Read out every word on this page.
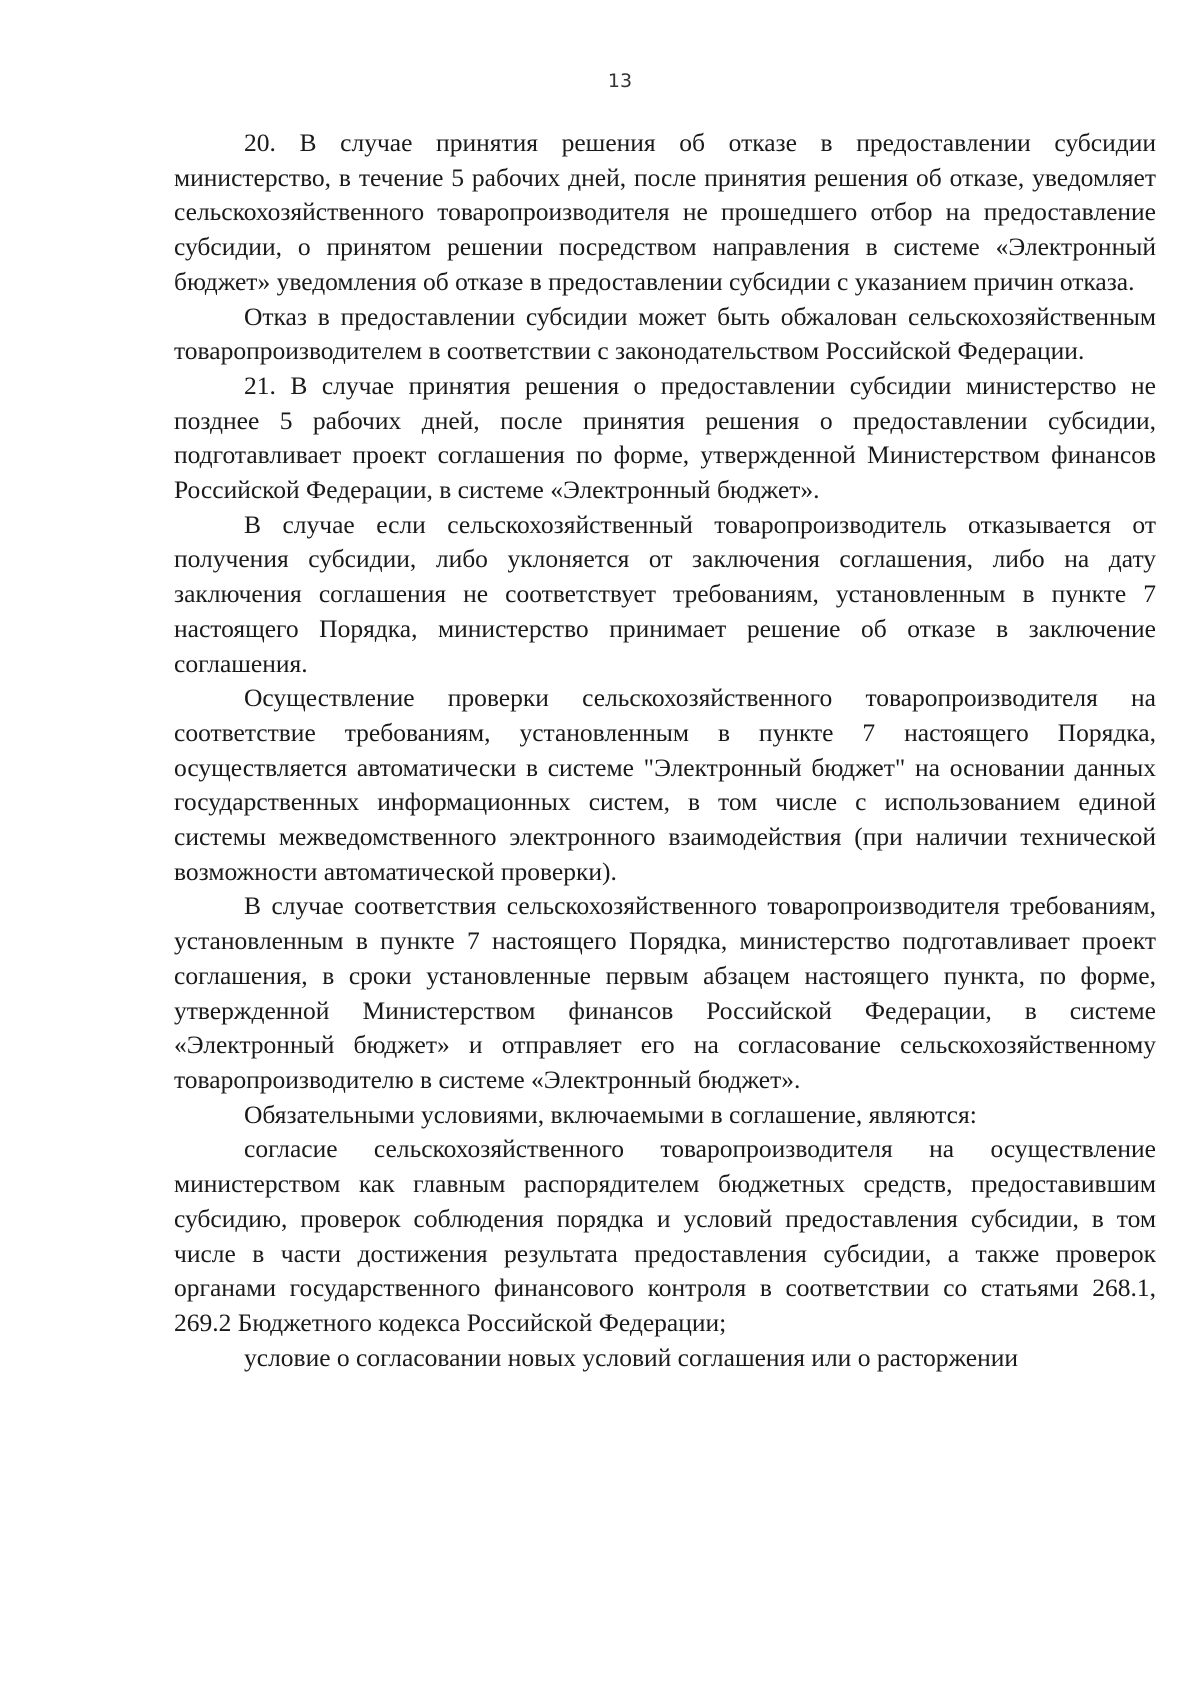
13

20. В случае принятия решения об отказе в предоставлении субсидии министерство, в течение 5 рабочих дней, после принятия решения об отказе, уведомляет сельскохозяйственного товаропроизводителя не прошедшего отбор на предоставление субсидии, о принятом решении посредством направления в системе «Электронный бюджет» уведомления об отказе в предоставлении субсидии с указанием причин отказа.

Отказ в предоставлении субсидии может быть обжалован сельскохозяйственным товаропроизводителем в соответствии с законодательством Российской Федерации.

21. В случае принятия решения о предоставлении субсидии министерство не позднее 5 рабочих дней, после принятия решения о предоставлении субсидии, подготавливает проект соглашения по форме, утвержденной Министерством финансов Российской Федерации, в системе «Электронный бюджет».

В случае если сельскохозяйственный товаропроизводитель отказывается от получения субсидии, либо уклоняется от заключения соглашения, либо на дату заключения соглашения не соответствует требованиям, установленным в пункте 7 настоящего Порядка, министерство принимает решение об отказе в заключение соглашения.

Осуществление проверки сельскохозяйственного товаропроизводителя на соответствие требованиям, установленным в пункте 7 настоящего Порядка, осуществляется автоматически в системе "Электронный бюджет" на основании данных государственных информационных систем, в том числе с использованием единой системы межведомственного электронного взаимодействия (при наличии технической возможности автоматической проверки).

В случае соответствия сельскохозяйственного товаропроизводителя требованиям, установленным в пункте 7 настоящего Порядка, министерство подготавливает проект соглашения, в сроки установленные первым абзацем настоящего пункта, по форме, утвержденной Министерством финансов Российской Федерации, в системе «Электронный бюджет» и отправляет его на согласование сельскохозяйственному товаропроизводителю в системе «Электронный бюджет».

Обязательными условиями, включаемыми в соглашение, являются:

согласие сельскохозяйственного товаропроизводителя на осуществление министерством как главным распорядителем бюджетных средств, предоставившим субсидию, проверок соблюдения порядка и условий предоставления субсидии, в том числе в части достижения результата предоставления субсидии, а также проверок органами государственного финансового контроля в соответствии со статьями 268.1, 269.2 Бюджетного кодекса Российской Федерации;

условие о согласовании новых условий соглашения или о расторжении
